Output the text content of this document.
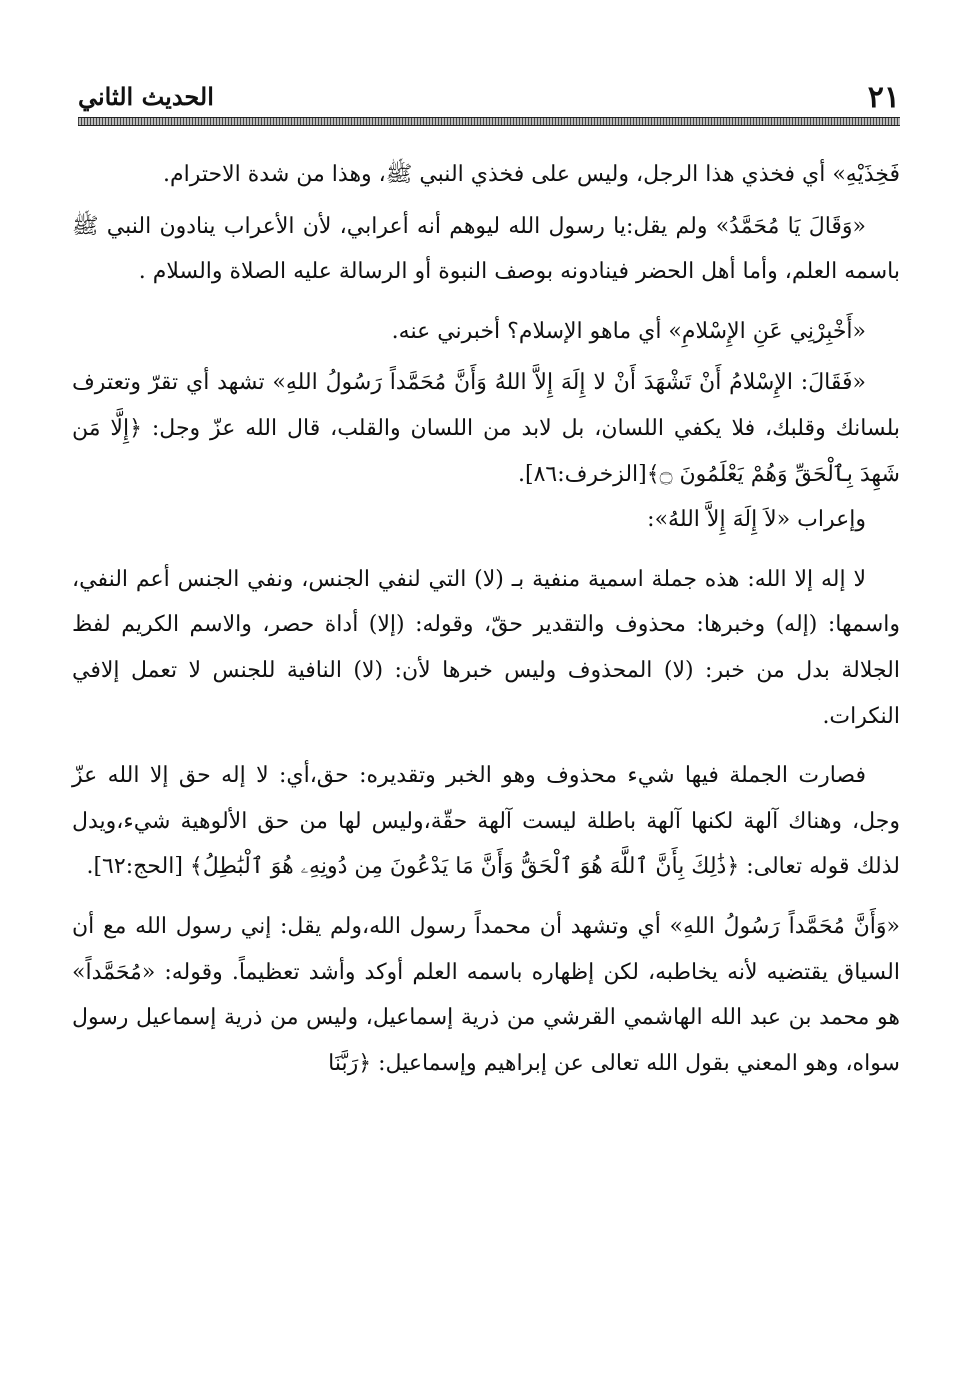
٢١
الحديث الثاني

فَخِذَيْهِ» أي فخذي هذا الرجل، وليس على فخذي النبي ﷺ، وهذا من شدة الاحترام.

«وَقَالَ يَا مُحَمَّدُ» ولم يقل:يا رسول الله ليوهم أنه أعرابي، لأن الأعراب ينادون النبي ﷺ باسمه العلم، وأما أهل الحضر فينادونه بوصف النبوة أو الرسالة عليه الصلاة والسلام .

«أَخْبِرْنِي عَنِ الإِسْلامِ» أي ماهو الإسلام؟ أخبرني عنه.

«فَقَالَ: الإِسْلامُ أَنْ تَشْهَدَ أَنْ لا إِلَهَ إِلاَّ اللهُ وَأَنَّ مُحَمَّداً رَسُولُ اللهِ» تشهد أي تقرّ وتعترف بلسانك وقلبك، فلا يكفي اللسان، بل لابد من اللسان والقلب، قال الله عزّ وجل: ﴿إِلَّا مَن شَهِدَ بِٱلْحَقِّ وَهُمْ يَعْلَمُونَ ۝﴾[الزخرف:٨٦].

وإعراب «لاَ إِلَهَ إِلاَّ اللهُ»:

لا إله إلا الله: هذه جملة اسمية منفية بـ (لا) التي لنفي الجنس، ونفي الجنس أعم النفي، واسمها: (إله) وخبرها: محذوف والتقدير حقّ، وقوله: (إلا) أداة حصر، والاسم الكريم لفظ الجلالة بدل من خبر: (لا) المحذوف وليس خبرها لأن: (لا) النافية للجنس لا تعمل إلافي النكرات.

فصارت الجملة فيها شيء محذوف وهو الخبر وتقديره: حق،أي: لا إله حق إلا الله عزّ وجل، وهناك آلهة لكنها آلهة باطلة ليست آلهة حقّة،وليس لها من حق الألوهية شيء،ويدل لذلك قوله تعالى: ﴿ذَٰلِكَ بِأَنَّ ٱللَّهَ هُوَ ٱلْحَقُّ وَأَنَّ مَا يَدْعُونَ مِن دُونِهِۦ هُوَ ٱلْبَٰطِلُ﴾ [الحج:٦٢].

«وَأَنَّ مُحَمَّداً رَسُولُ اللهِ» أي وتشهد أن محمداً رسول الله،ولم يقل: إني رسول الله مع أن السياق يقتضيه لأنه يخاطبه، لكن إظهاره باسمه العلم أوكد وأشد تعظيماً. وقوله: «مُحَمَّداً» هو محمد بن عبد الله الهاشمي القرشي من ذرية إسماعيل، وليس من ذرية إسماعيل رسول سواه، وهو المعني بقول الله تعالى عن إبراهيم وإسماعيل: ﴿رَبَّنَا
